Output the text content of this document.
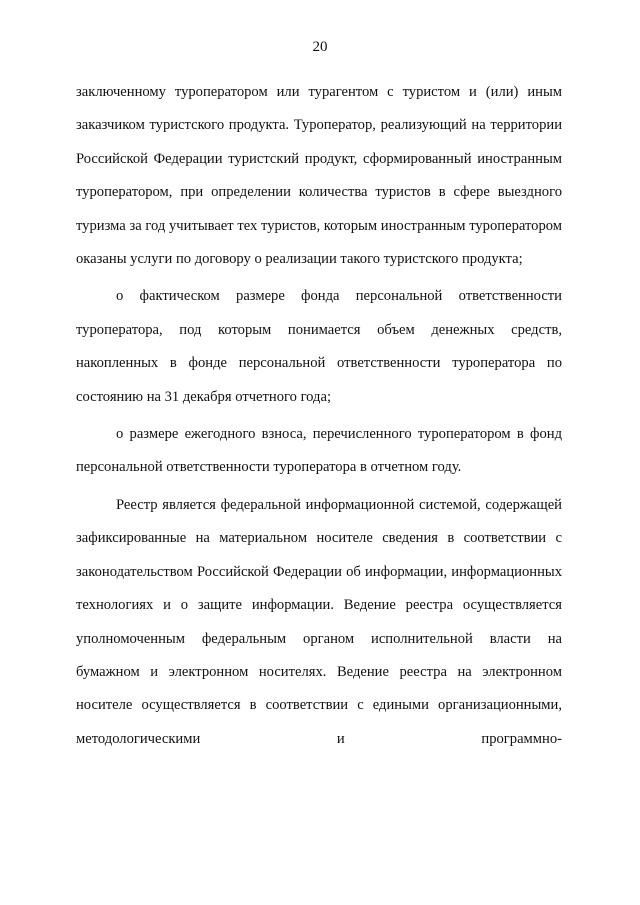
20

заключенному туроператором или турагентом с туристом и (или) иным заказчиком туристского продукта. Туроператор, реализующий на территории Российской Федерации туристский продукт, сформированный иностранным туроператором, при определении количества туристов в сфере выездного туризма за год учитывает тех туристов, которым иностранным туроператором оказаны услуги по договору о реализации такого туристского продукта;

о фактическом размере фонда персональной ответственности туроператора, под которым понимается объем денежных средств, накопленных в фонде персональной ответственности туроператора по состоянию на 31 декабря отчетного года;

о размере ежегодного взноса, перечисленного туроператором в фонд персональной ответственности туроператора в отчетном году.

Реестр является федеральной информационной системой, содержащей зафиксированные на материальном носителе сведения в соответствии с законодательством Российской Федерации об информации, информационных технологиях и о защите информации. Ведение реестра осуществляется уполномоченным федеральным органом исполнительной власти на бумажном и электронном носителях. Ведение реестра на электронном носителе осуществляется в соответствии с едиными организационными, методологическими и программно-
